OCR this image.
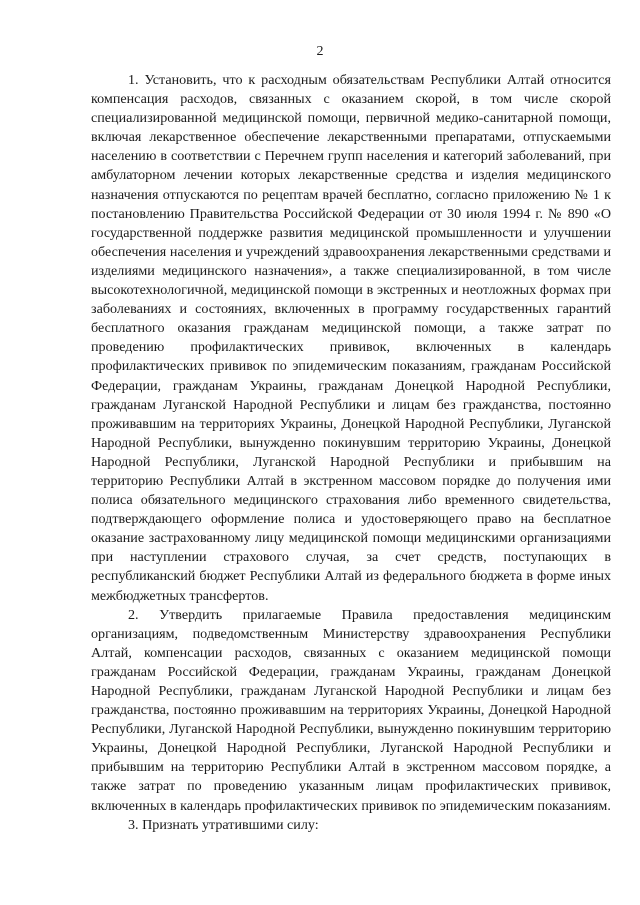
2

1. Установить, что к расходным обязательствам Республики Алтай относится компенсация расходов, связанных с оказанием скорой, в том числе скорой специализированной медицинской помощи, первичной медико-санитарной помощи, включая лекарственное обеспечение лекарственными препаратами, отпускаемыми населению в соответствии с Перечнем групп населения и категорий заболеваний, при амбулаторном лечении которых лекарственные средства и изделия медицинского назначения отпускаются по рецептам врачей бесплатно, согласно приложению № 1 к постановлению Правительства Российской Федерации от 30 июля 1994 г. № 890 «О государственной поддержке развития медицинской промышленности и улучшении обеспечения населения и учреждений здравоохранения лекарственными средствами и изделиями медицинского назначения», а также специализированной, в том числе высокотехнологичной, медицинской помощи в экстренных и неотложных формах при заболеваниях и состояниях, включенных в программу государственных гарантий бесплатного оказания гражданам медицинской помощи, а также затрат по проведению профилактических прививок, включенных в календарь профилактических прививок по эпидемическим показаниям, гражданам Российской Федерации, гражданам Украины, гражданам Донецкой Народной Республики, гражданам Луганской Народной Республики и лицам без гражданства, постоянно проживавшим на территориях Украины, Донецкой Народной Республики, Луганской Народной Республики, вынужденно покинувшим территорию Украины, Донецкой Народной Республики, Луганской Народной Республики и прибывшим на территорию Республики Алтай в экстренном массовом порядке до получения ими полиса обязательного медицинского страхования либо временного свидетельства, подтверждающего оформление полиса и удостоверяющего право на бесплатное оказание застрахованному лицу медицинской помощи медицинскими организациями при наступлении страхового случая, за счет средств, поступающих в республиканский бюджет Республики Алтай из федерального бюджета в форме иных межбюджетных трансфертов.

2. Утвердить прилагаемые Правила предоставления медицинским организациям, подведомственным Министерству здравоохранения Республики Алтай, компенсации расходов, связанных с оказанием медицинской помощи гражданам Российской Федерации, гражданам Украины, гражданам Донецкой Народной Республики, гражданам Луганской Народной Республики и лицам без гражданства, постоянно проживавшим на территориях Украины, Донецкой Народной Республики, Луганской Народной Республики, вынужденно покинувшим территорию Украины, Донецкой Народной Республики, Луганской Народной Республики и прибывшим на территорию Республики Алтай в экстренном массовом порядке, а также затрат по проведению указанным лицам профилактических прививок, включенных в календарь профилактических прививок по эпидемическим показаниям.

3. Признать утратившими силу:
